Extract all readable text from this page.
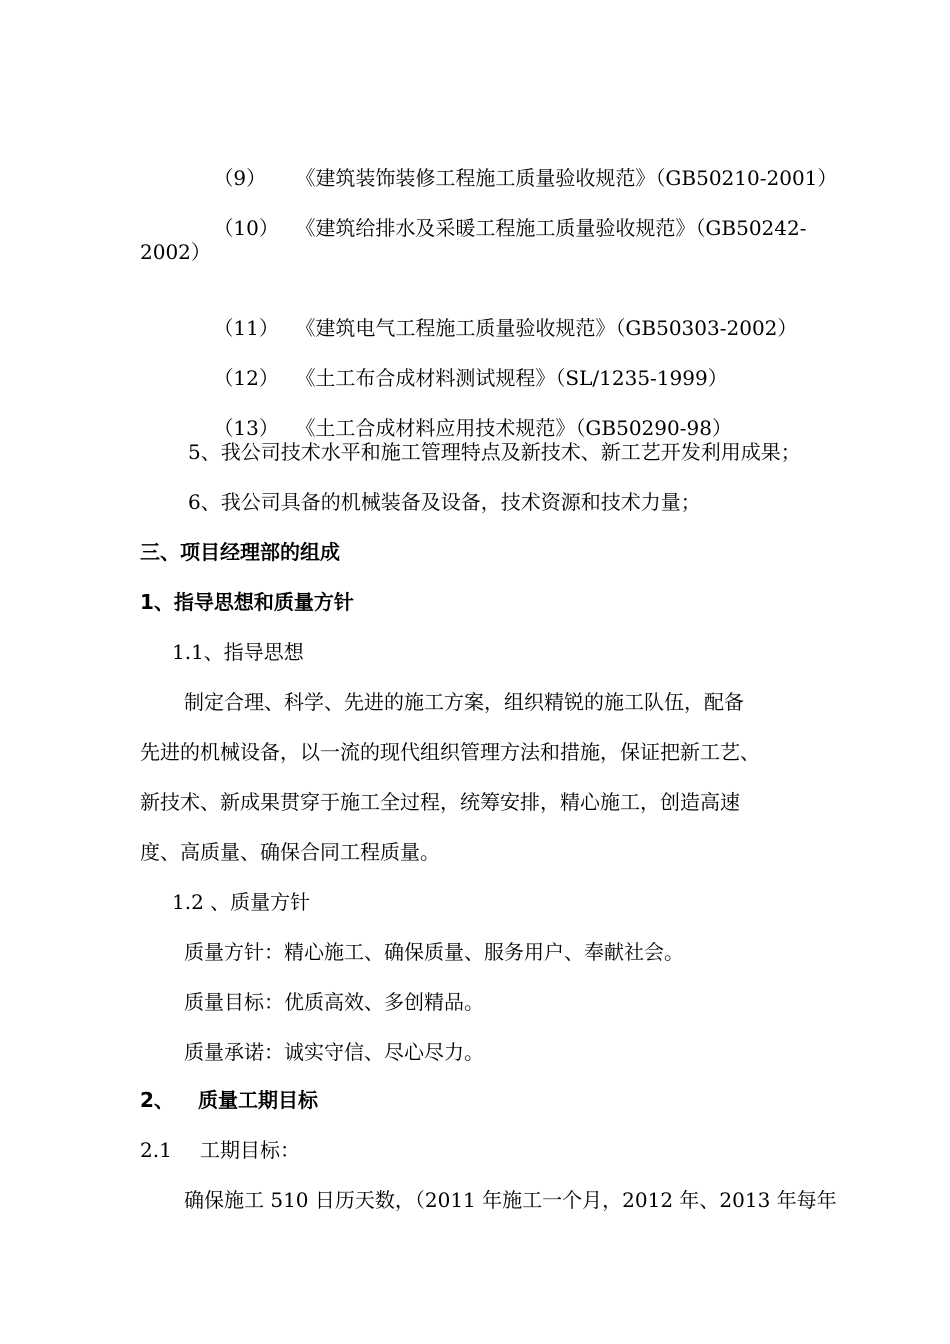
（9） 《建筑装饰装修工程施工质量验收规范》（GB50210-2001）

（10） 《建筑给排水及采暖工程施工质量验收规范》（GB50242-

2002）

（11） 《建筑电气工程施工质量验收规范》（GB50303-2002）

（12） 《土工布合成材料测试规程》（SL/1235-1999）

（13） 《土工合成材料应用技术规范》（GB50290-98）

5、我公司技术水平和施工管理特点及新技术、新工艺开发利用成果；
6、我公司具备的机械装备及设备，技术资源和技术力量；
三、项目经理部的组成
1、指导思想和质量方针
1.1、指导思想
制定合理、科学、先进的施工方案，组织精锐的施工队伍，配备
先进的机械设备，以一流的现代组织管理方法和措施，保证把新工艺、
新技术、新成果贯穿于施工全过程，统筹安排，精心施工，创造高速
度、高质量、确保合同工程质量。
1.2 、质量方针
质量方针：精心施工、确保质量、服务用户、奉献社会。
质量目标：优质高效、多创精品。
质量承诺：诚实守信、尽心尽力。
2、 质量工期目标
2.1 工期目标：
确保施工 510 日历天数，（2011 年施工一个月，2012 年、2013 年每年
